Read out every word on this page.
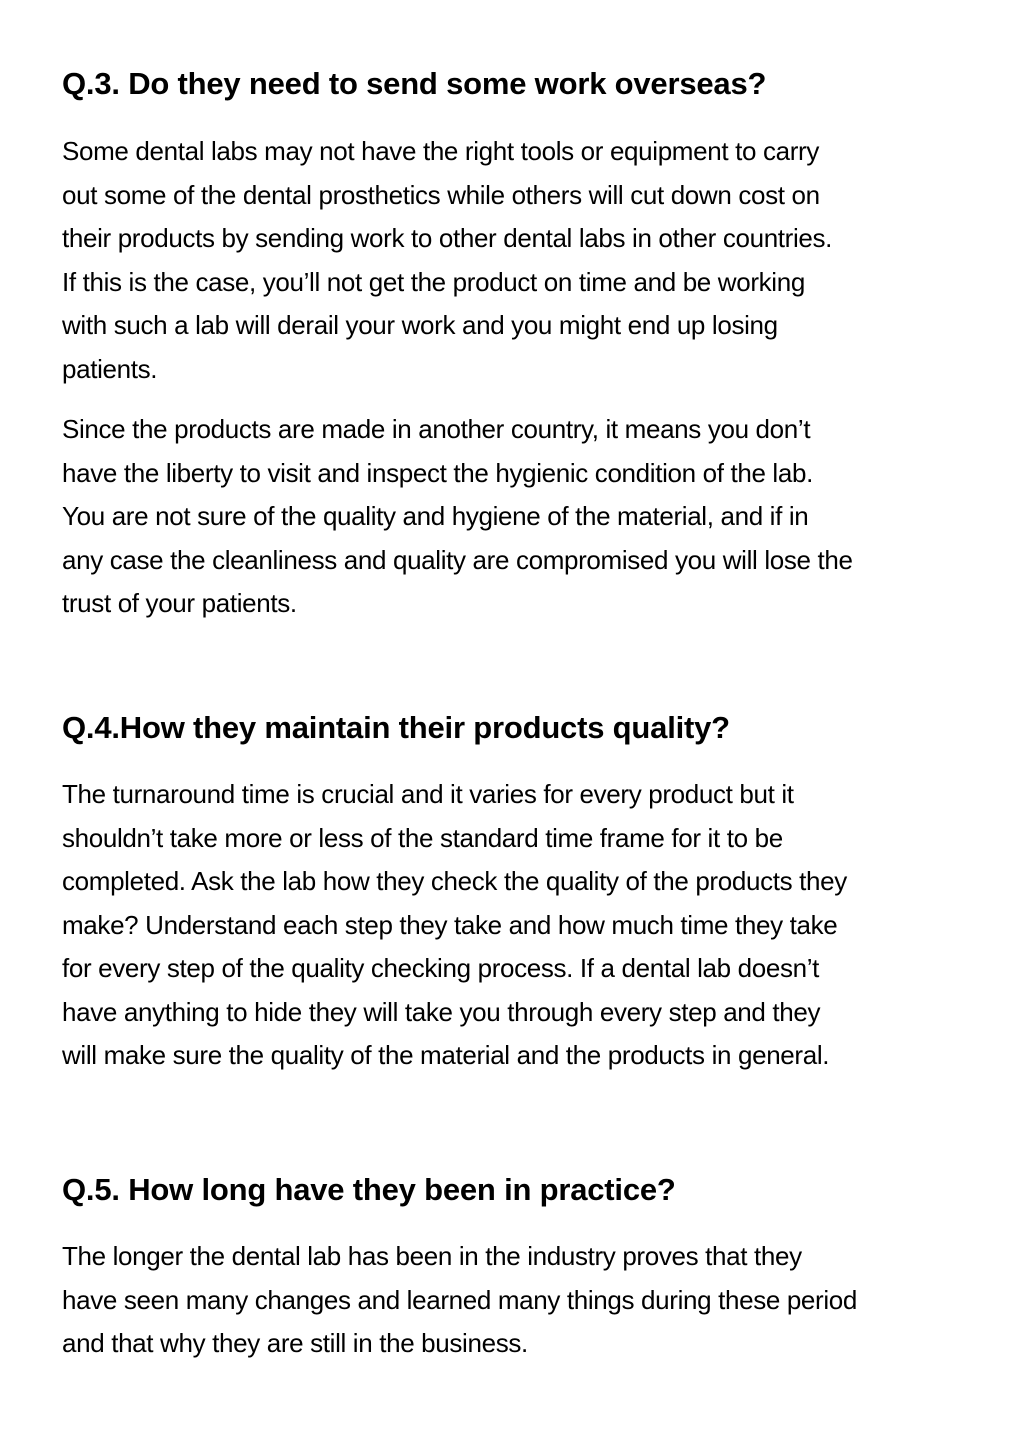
Q.3. Do they need to send some work overseas?

Some dental labs may not have the right tools or equipment to carry
out some of the dental prosthetics while others will cut down cost on
their products by sending work to other dental labs in other countries.
If this is the case, you’ll not get the product on time and be working
with such a lab will derail your work and you might end up losing
patients.

Since the products are made in another country, it means you don’t
have the liberty to visit and inspect the hygienic condition of the lab.
You are not sure of the quality and hygiene of the material, and if in
any case the cleanliness and quality are compromised you will lose the
trust of your patients.

Q.4.How they maintain their products quality?

The turnaround time is crucial and it varies for every product but it
shouldn’t take more or less of the standard time frame for it to be
completed. Ask the lab how they check the quality of the products they
make? Understand each step they take and how much time they take
for every step of the quality checking process. If a dental lab doesn’t
have anything to hide they will take you through every step and they
will make sure the quality of the material and the products in general.

Q.5. How long have they been in practice?

The longer the dental lab has been in the industry proves that they
have seen many changes and learned many things during these period
and that why they are still in the business.
